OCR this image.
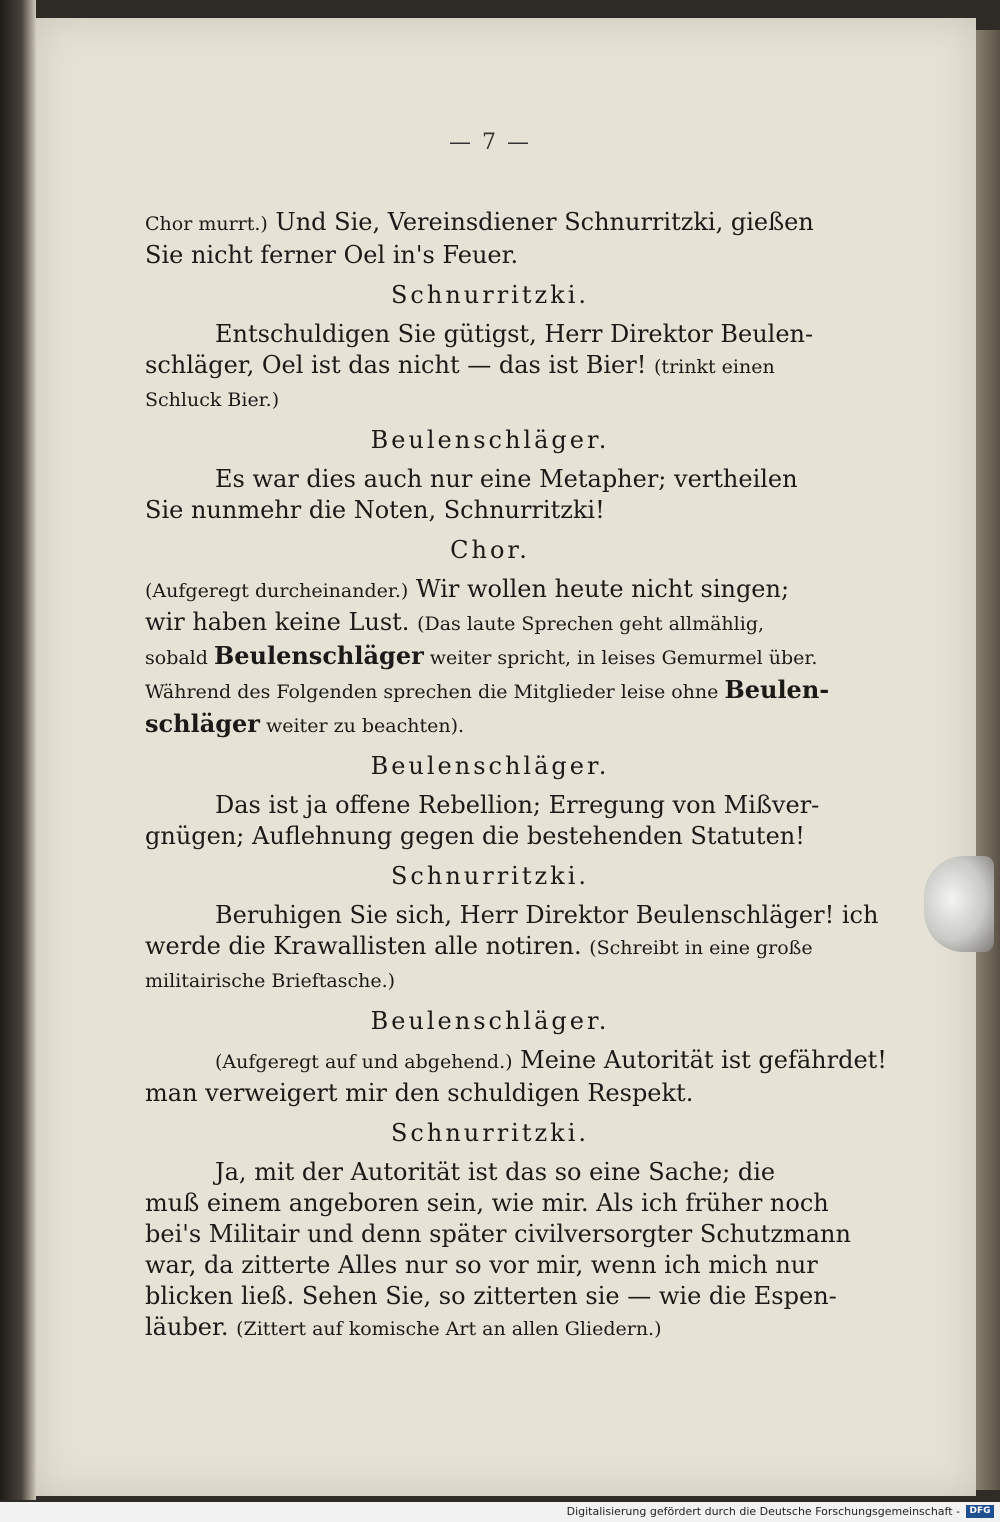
— 7 —
Chor murrt.) Und Sie, Vereinsdiener Schnurritzki, gießen
Sie nicht ferner Oel in's Feuer.
Schnurritzki.
Entschuldigen Sie gütigst, Herr Direktor Beulen-
schläger, Oel ist das nicht — das ist Bier! (trinkt einen
Schluck Bier.)
Beulenschläger.
Es war dies auch nur eine Metapher; vertheilen
Sie nunmehr die Noten, Schnurritzki!
Chor.
(Aufgeregt durcheinander.) Wir wollen heute nicht singen;
wir haben keine Lust. (Das laute Sprechen geht allmählig,
sobald Beulenschläger weiter spricht, in leises Gemurmel über.
Während des Folgenden sprechen die Mitglieder leise ohne Beulen-
schläger weiter zu beachten).
Beulenschläger.
Das ist ja offene Rebellion; Erregung von Mißver-
gnügen; Auflehnung gegen die bestehenden Statuten!
Schnurritzki.
Beruhigen Sie sich, Herr Direktor Beulenschläger! ich
werde die Krawallisten alle notiren. (Schreibt in eine große
militairische Brieftasche.)
Beulenschläger.
(Aufgeregt auf und abgehend.) Meine Autorität ist gefährdet!
man verweigert mir den schuldigen Respekt.
Schnurritzki.
Ja, mit der Autorität ist das so eine Sache; die
muß einem angeboren sein, wie mir. Als ich früher noch
bei's Militair und denn später civilversorgter Schutzmann
war, da zitterte Alles nur so vor mir, wenn ich mich nur
blicken ließ. Sehen Sie, so zitterten sie — wie die Espen-
läuber. (Zittert auf komische Art an allen Gliedern.)
Digitalisierung gefördert durch die Deutsche Forschungsgemeinschaft -	DFG
